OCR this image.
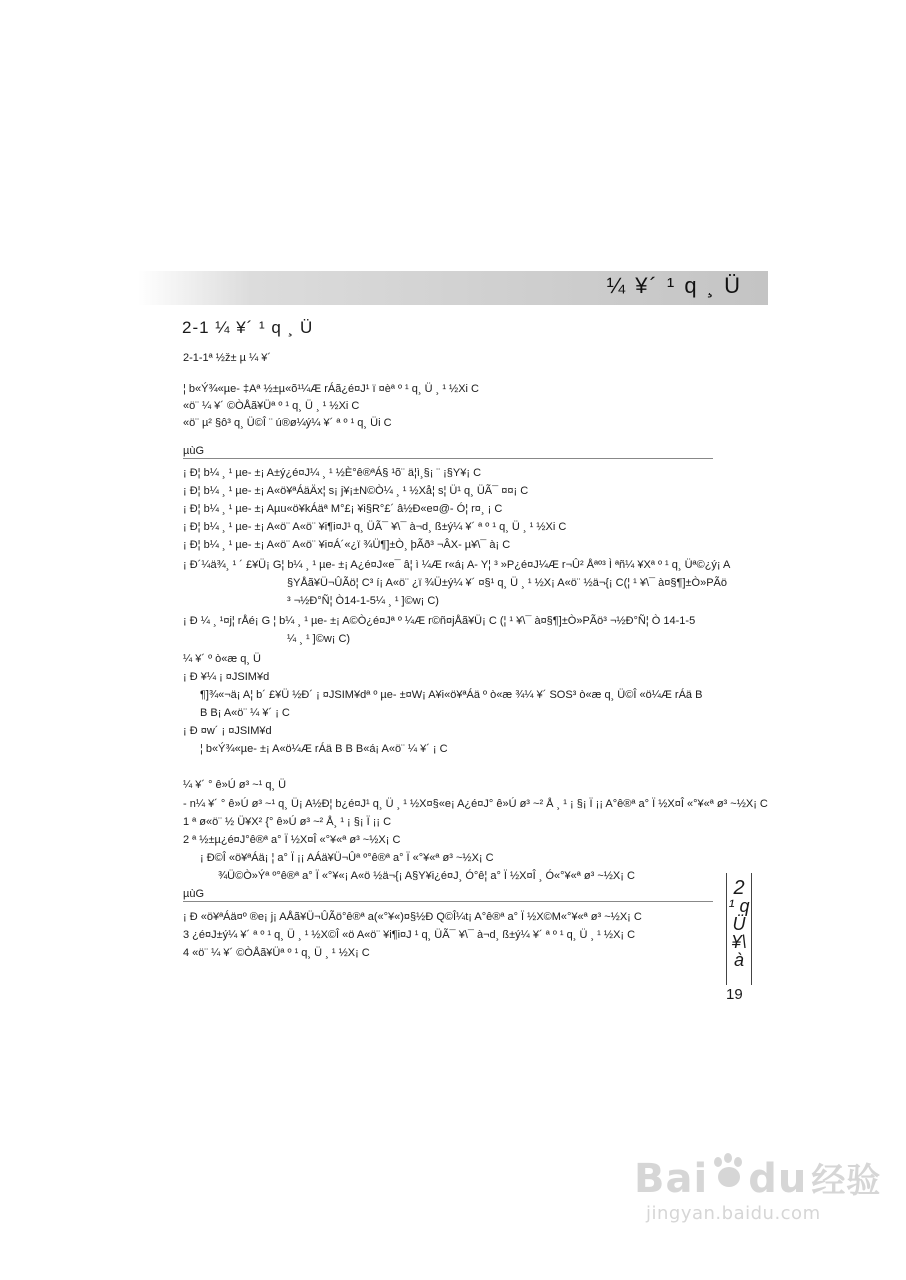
¼ ¥´ ¹ q ¸ Ü
2-1 ¼ ¥´ ¹ q ¸ Ü
2-1-1ª ½ž± µ ¼ ¥´
¦ b«Ý¾«µe- ‡Aª ½±µ«õ¹¼Æ rÁã¿é¤J¹ ï ¤èª º ¹ q¸ Ü ¸ ¹ ½Xi C
«ö¨ ¼ ¥´ ©ÒÅã¥Üª º ¹ q¸ Ü ¸ ¹ ½Xi C
«ö¨ µ² §ô³ q¸ Ü©Î ¨ ú®ø¼ý¼ ¥´ ª º ¹ q¸ Üi C
µùG
¡ Ð¦ b¼ ¸ ¹ µe- ±¡ A±ý¿é¤J¼ ¸ ¹ ½È°ê®ªÁ§ ¹õ¨ ä¦ì¸§¡ ¨ ¡§Y¥¡ C
¡ Ð¦ b¼ ¸ ¹ µe- ±¡ A«ö¥ªÁäÄx¦ s¡ j¥¡±N©Ò¼ ¸ ¹ ½Xå¦ s¦ Ü¹ q¸ ÜÃ¯ ¤¤¡ C
¡ Ð¦ b¼ ¸ ¹ µe- ±¡ Aµu«ö¥kÁäª M°£¡ ¥i§R°£´ â½Ð«e¤@- Ó¦ r¤¸ ¡ C
¡ Ð¦ b¼ ¸ ¹ µe- ±¡ A«ö¨ A«ö¨ ¥i¶i¤J¹ q¸ ÜÃ¯ ¥\¯ à¬d¸ ß±ý¼ ¥´ ª º ¹ q¸ Ü ¸ ¹ ½Xi C
¡ Ð¦ b¼ ¸ ¹ µe- ±¡ A«ö¨ A«ö¨ ¥i¤Á´«¿ï ¾Ü¶]±Ò¸ þÃð³ ¬ÂX- µ¥\¯ à¡ C
¡ Ð´¼ä¾¸ ¹ ´ £¥Ü¡ G¦ b¼ ¸ ¹ µe- ±¡ A¿é¤J«e¯ â¦ ì ¼Æ r«á¡ A- Y¦ ³ »P¿é¤J¼Æ r¬Û² Åªº³ Ì ªñ¼ ¥Xª º ¹ q¸ Üª©¿ý¡ A
§YÅã¥Ü¬ÛÃö¦ C³ í¡ A«ö¨ ¿ï ¾Ü±ý¼ ¥´ ¤§¹ q¸ Ü ¸ ¹ ½X¡ A«ö¨ ½ä¬{¡ C(¦ ¹ ¥\¯ à¤§¶]±Ò»PÃö
³ ¬½Ð°Ñ¦ Ò14-1-5¼ ¸ ¹ ]©w¡ C)
¡ Ð ¼ ¸ ¹¤j¦ rÅé¡ G ¦ b¼ ¸ ¹ µe- ±¡ A©Ò¿é¤Jª º ¼Æ r©ñ¤jÅã¥Ü¡ C (¦ ¹ ¥\¯ à¤§¶]±Ò»PÃö³ ¬½Ð°Ñ¦ Ò 14-1-5
¼ ¸ ¹ ]©w¡ C)
¼ ¥´ º ò«æ q¸ Ü
¡ Ð ¥¼ ¡ ¤JSIM¥d
¶]¾«¬ä¡ A¦ b´ £¥Ü ½Ð´ ¡ ¤JSIM¥dª º µe- ±¤W¡ A¥i«ö¥ªÁä º ò«æ ¾¼ ¥´ SOS³ ò«æ q¸ Ü©Î «ö¼Æ rÁä B
B B¡ A«ö¨ ¼ ¥´ ¡ C
¡ Ð ¤w´ ¡ ¤JSIM¥d
¦ b«Ý¾«µe- ±¡ A«ö¼Æ rÁä B B B«á¡ A«ö¨ ¼ ¥´ ¡ C
¼ ¥´ ° ê»Ú ø³ ~¹ q¸ Ü
- n¼ ¥´ ° ê»Ú ø³ ~¹ q¸ Ü¡ A½Ð¦ b¿é¤J¹ q¸ Ü ¸ ¹ ½X¤§«e¡ A¿é¤J° ê»Ú ø³ ~² Å ¸ ¹ ¡ §¡ Ï ¡¡ A°ê®ª a° Ï ½X¤Î «°¥«ª ø³ ~½X¡ C
1 ª ø«ö¨ ½ Ü¥X² {° ê»Ú ø³ ~² Å¸ ¹ ¡ §¡ Ï ¡¡ C
2 ª ½±µ¿é¤J°ê®ª a° Ï ½X¤Î «°¥«ª ø³ ~½X¡ C
¡ Ð©Î «ö¥ªÁä¡ ¦ a° Ï ¡¡ AÁä¥Ü¬Ûª º°ê®ª a° Ï «°¥«ª ø³ ~½X¡ C
¾Ü©Ò»Ýª º°ê®ª a° Ï «°¥«¡ A«ö ½ä¬{¡ A§Y¥i¿é¤J¸ Ó°ê¦ a° Ï ½X¤Î ¸ Ó«°¥«ª ø³ ~½X¡ C
µùG
¡ Ð «ö¥ªÁä¤º ®e¡ j¡ AÅã¥Ü¬ÛÃö°ê®ª a(«°¥«)¤§½Ð Q©Î¼t¡ A°ê®ª a° Ï ½X©M«°¥«ª ø³ ~½X¡ C
3 ¿é¤J±ý¼ ¥´ ª º ¹ q¸ Ü ¸ ¹ ½X©Î «ö A«ö¨ ¥i¶i¤J ¹ q¸ ÜÃ¯ ¥\¯ à¬d¸ ß±ý¼ ¥´ ª º ¹ q¸ Ü ¸ ¹ ½X¡ C
4 «ö¨ ¼ ¥´ ©ÒÅã¥Üª º ¹ q¸ Ü ¸ ¹ ½X¡ C
2
¹ q
Ü
¥\
à
19
Bai du 经验
jingyan.baidu.com
